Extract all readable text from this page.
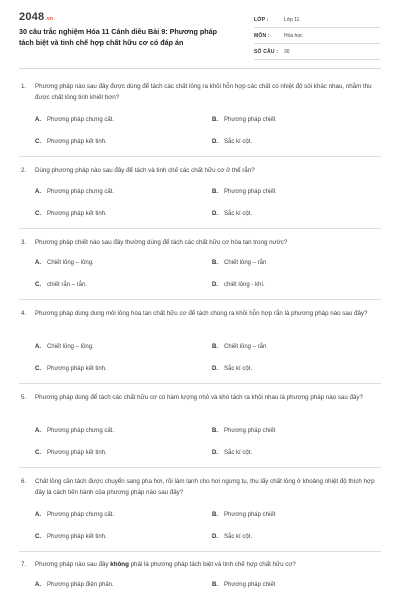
2048.vn
30 câu trắc nghiệm Hóa 11 Cánh diều Bài 9: Phương pháp tách biệt và tinh chế hợp chất hữu cơ có đáp án
LỚP :	Lớp 11
MÔN :	Hóa học
SỐ CÂU : 30
1.	Phương pháp nào sau đây được dùng để tách các chất lỏng ra khỏi hỗn hợp các chất có nhiệt độ sôi khác nhau, nhằm thu được chất lỏng tinh khiết hơn?
A. Phương pháp chưng cất.	B. Phương pháp chiết
C. Phương pháp kết tinh.	D. Sắc kí cột.
2.	Dùng phương pháp nào sau đây để tách và tinh chế các chất hữu cơ ở thể rắn?
A. Phương pháp chưng cất.	B. Phương pháp chiết
C. Phương pháp kết tinh.	D. Sắc kí cột.
3.	Phương pháp chiết nào sau đây thường dùng để tách các chất hữu cơ hòa tan trong nước?
A. Chiết lỏng – lỏng.	B. Chiết lỏng – rắn
C. chiết rắn – rắn.	D. chiết lỏng - khí.
4.	Phương pháp dùng dung môi lỏng hòa tan chất hữu cơ để tách chúng ra khỏi hỗn hợp rắn là phương pháp nào sau đây?
A. Chiết lỏng – lỏng.	B. Chiết lỏng – rắn
C. Phương pháp kết tinh.	D. Sắc kí cột.
5.	Phương pháp dùng để tách các chất hữu cơ có hàm lượng nhỏ và khó tách ra khỏi nhau là phương pháp nào sau đây?
A. Phương pháp chưng cất.	B. Phương pháp chiết
C. Phương pháp kết tinh.	D. Sắc kí cột.
6.	Chất lỏng cần tách được chuyển sang pha hơi, rồi làm lạnh cho hơi ngưng tụ, thu lấy chất lỏng ở khoảng nhiệt độ thích hợp đây là cách tiến hành của phương pháp nào sau đây?
A. Phương pháp chưng cất.	B. Phương pháp chiết
C. Phương pháp kết tinh.	D. Sắc kí cột.
7.	Phương pháp nào sau đây không phải là phương pháp tách biệt và tinh chế hợp chất hữu cơ?
A. Phương pháp điện phân.	B. Phương pháp chiết
